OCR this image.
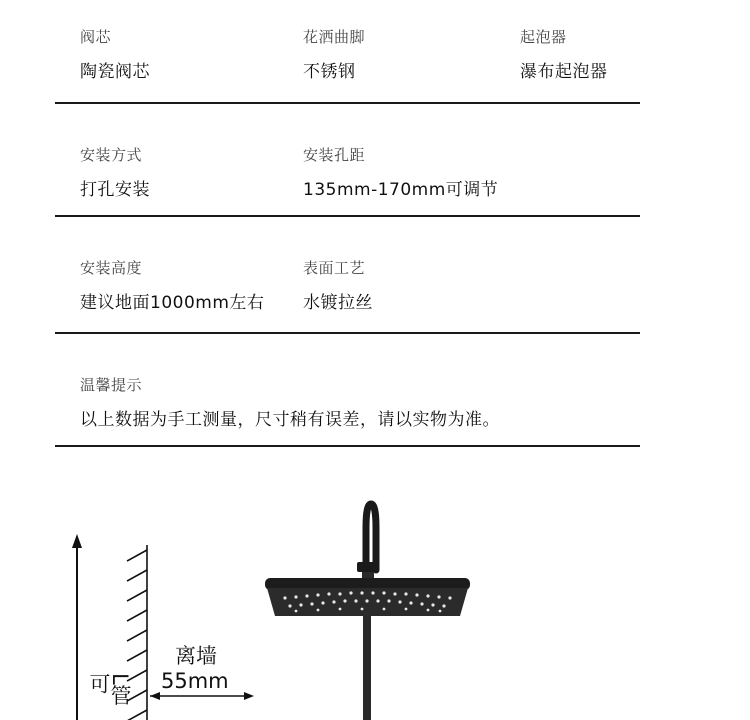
阀芯
陶瓷阀芯
花洒曲脚
不锈钢
起泡器
瀑布起泡器
安装方式
打孔安装
安装孔距
135mm-170mm可调节
安装高度
建议地面1000mm左右
表面工艺
水镀拉丝
温馨提示
以上数据为手工测量，尺寸稍有误差，请以实物为准。
离墙
55mm
L管可
